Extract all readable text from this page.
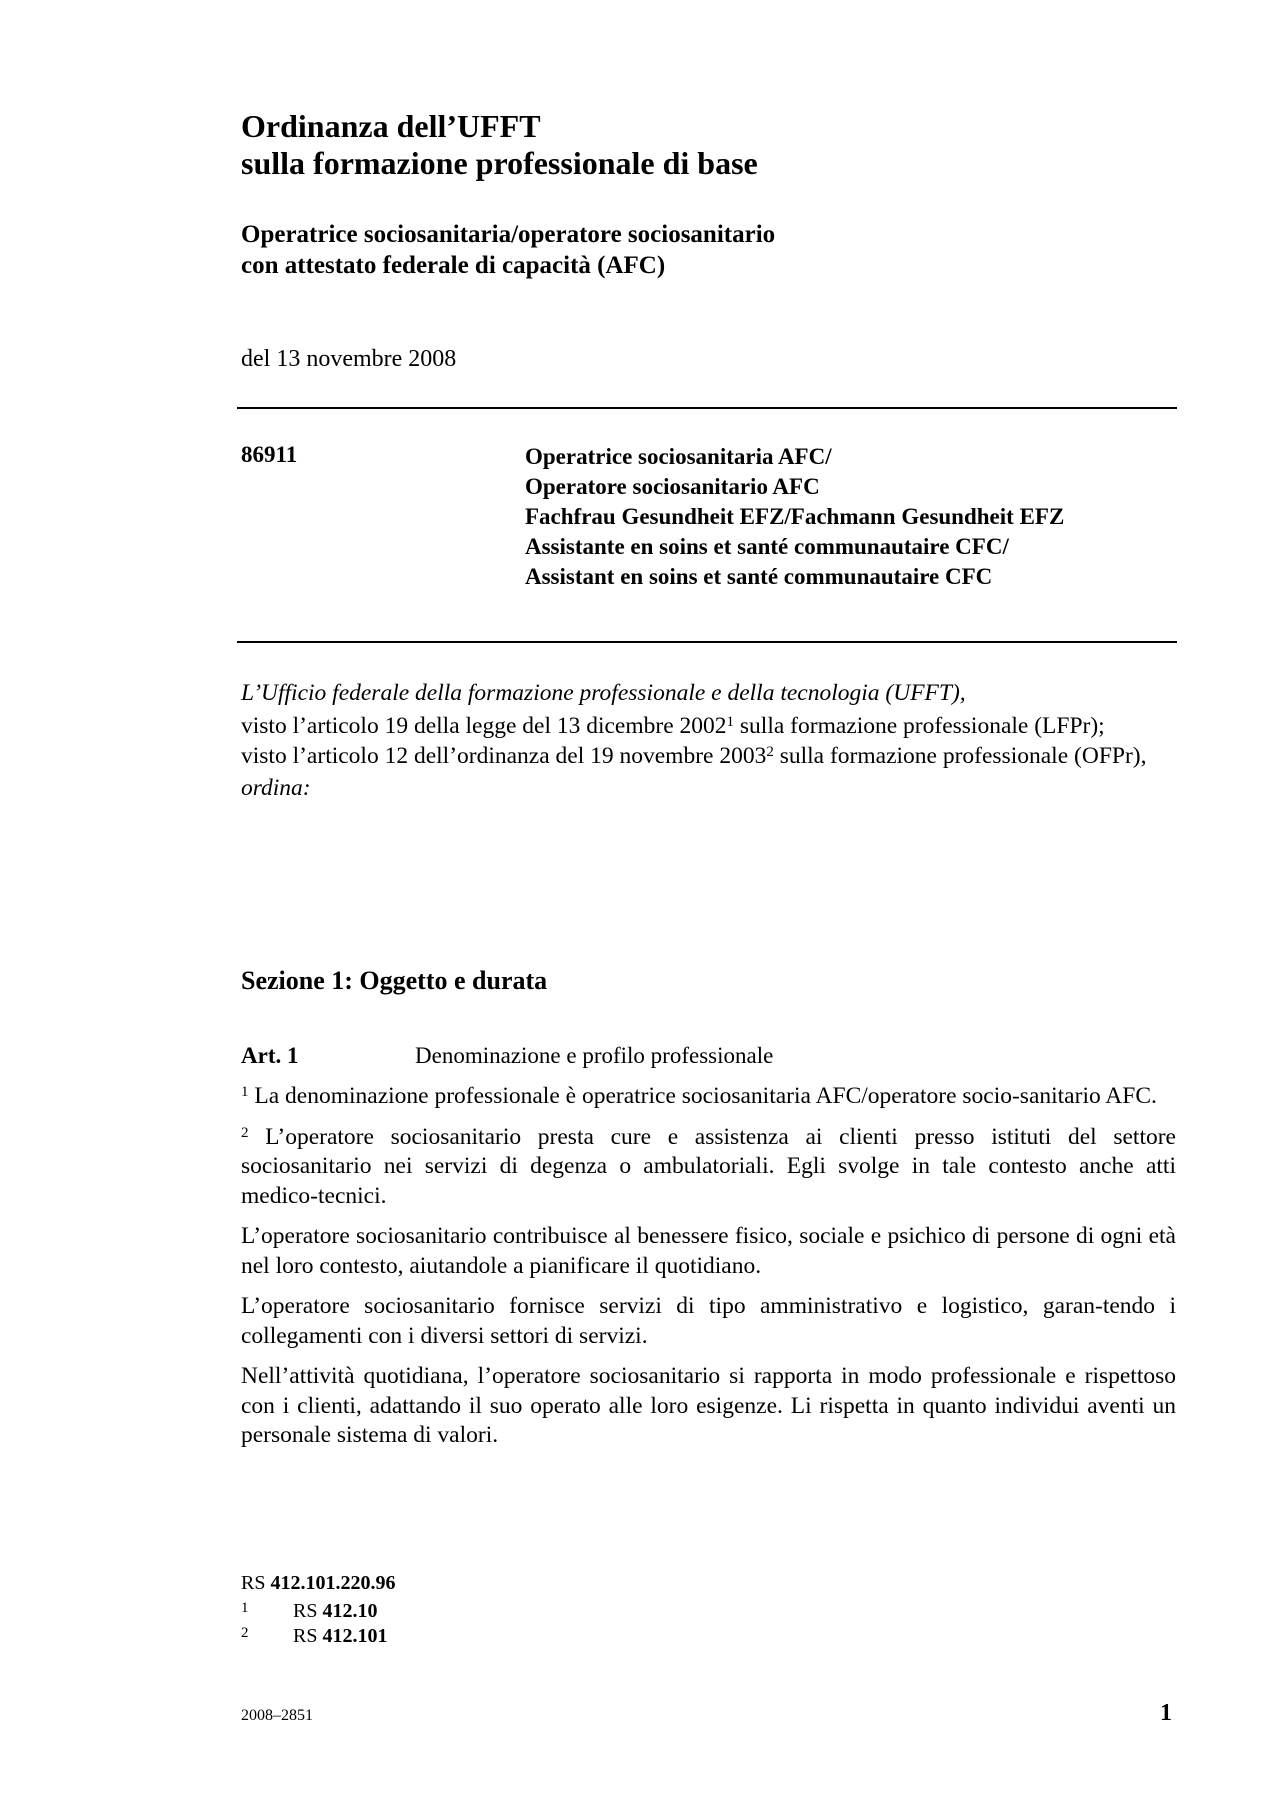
Ordinanza dell’UFFT
sulla formazione professionale di base
Operatrice sociosanitaria/operatore sociosanitario
con attestato federale di capacità (AFC)
del 13 novembre 2008
86911	Operatrice sociosanitaria AFC/
Operatore sociosanitario AFC
Fachfrau Gesundheit EFZ/Fachmann Gesundheit EFZ
Assistante en soins et santé communautaire CFC/
Assistant en soins et santé communautaire CFC
L’Ufficio federale della formazione professionale e della tecnologia (UFFT),
visto l’articolo 19 della legge del 13 dicembre 2002$^1$ sulla formazione professionale (LFPr);
visto l’articolo 12 dell’ordinanza del 19 novembre 2003$^2$ sulla formazione professionale (OFPr),
ordina:
Sezione 1: Oggetto e durata
Art. 1	Denominazione e profilo professionale

$^1$ La denominazione professionale è operatrice sociosanitaria AFC/operatore socio-sanitario AFC.

$^2$ L’operatore sociosanitario presta cure e assistenza ai clienti presso istituti del settore sociosanitario nei servizi di degenza o ambulatoriali. Egli svolge in tale contesto anche atti medico-tecnici.

L’operatore sociosanitario contribuisce al benessere fisico, sociale e psichico di persone di ogni età nel loro contesto, aiutandole a pianificare il quotidiano.

L’operatore sociosanitario fornisce servizi di tipo amministrativo e logistico, garan-tendo i collegamenti con i diversi settori di servizi.

Nell’attività quotidiana, l’operatore sociosanitario si rapporta in modo professionale e rispettoso con i clienti, adattando il suo operato alle loro esigenze. Li rispetta in quanto individui aventi un personale sistema di valori.

RS 412.101.220.96
1 RS 412.10
2 RS 412.101
2008–2851	1
